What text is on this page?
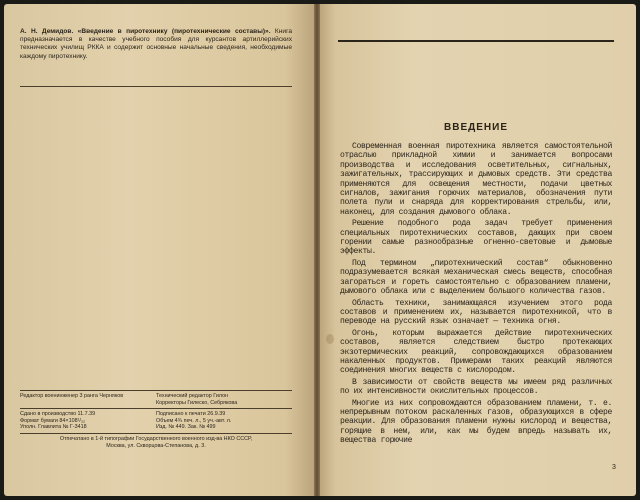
А. Н. Демидов. «Введение в пиротехнику (пиротехнические составы)». Книга предназначается в качестве учебного пособия для курсантов артиллерийских технических училищ РККА и содержит основные начальные сведения, необходимые каждому пиротехнику.
Редактор военинженер 3 ранга Черняков	Технический редактор Гилон
Корректоры Гилеско, Себрякова
Сдано в производство 11.7.39	Подписано к печати 26.9.39
Формат бумаги 84×108¹/₃₂	Объем 4¾ печ. л., 5 уч.-авт. л.
Уполн. Главлита № Г-3418	Изд. № 449. Зак. № 499
Отпечатано в 1-й типографии Государственного военного изд-ва НКО СССР,
Москва, ул. Скворцова-Степанова, д. 3.
ВВЕДЕНИЕ

Современная военная пиротехника является самостоятельной отраслью прикладной химии и занимается вопросами производства и исследования осветительных, сигнальных, зажигательных, трассирующих и дымовых средств. Эти средства применяются для освещения местности, подачи цветных сигналов, зажигания горючих материалов, обозначения пути полета пули и снаряда для корректирования стрельбы, или, наконец, для создания дымового облака.

Решение подобного рода задач требует применения специальных пиротехнических составов, дающих при своем горении самые разнообразные огненно-световые и дымовые эффекты.

Под термином „пиротехнический состав“ обыкновенно подразумевается всякая механическая смесь веществ, способная загораться и гореть самостоятельно с образованием пламени, дымового облака или с выделением большого количества газов.

Область техники, занимающаяся изучением этого рода составов и применением их, называется пиротехникой, что в переводе на русский язык означает — техника огня.

Огонь, которым выражается действие пиротехнических составов, является следствием быстро протекающих экзотермических реакций, сопровождающихся образованием накаленных продуктов. Примерами таких реакций являются соединения многих веществ с кислородом.

В зависимости от свойств веществ мы имеем ряд различных по их интенсивности окислительных процессов.

Многие из них сопровождаются образованием пламени, т. е. непрерывным потоком раскаленных газов, образующихся в сфере реакции. Для образования пламени нужны кислород и вещества, горящие в нем, или, как мы будем впредь называть их, вещества горючие

3
